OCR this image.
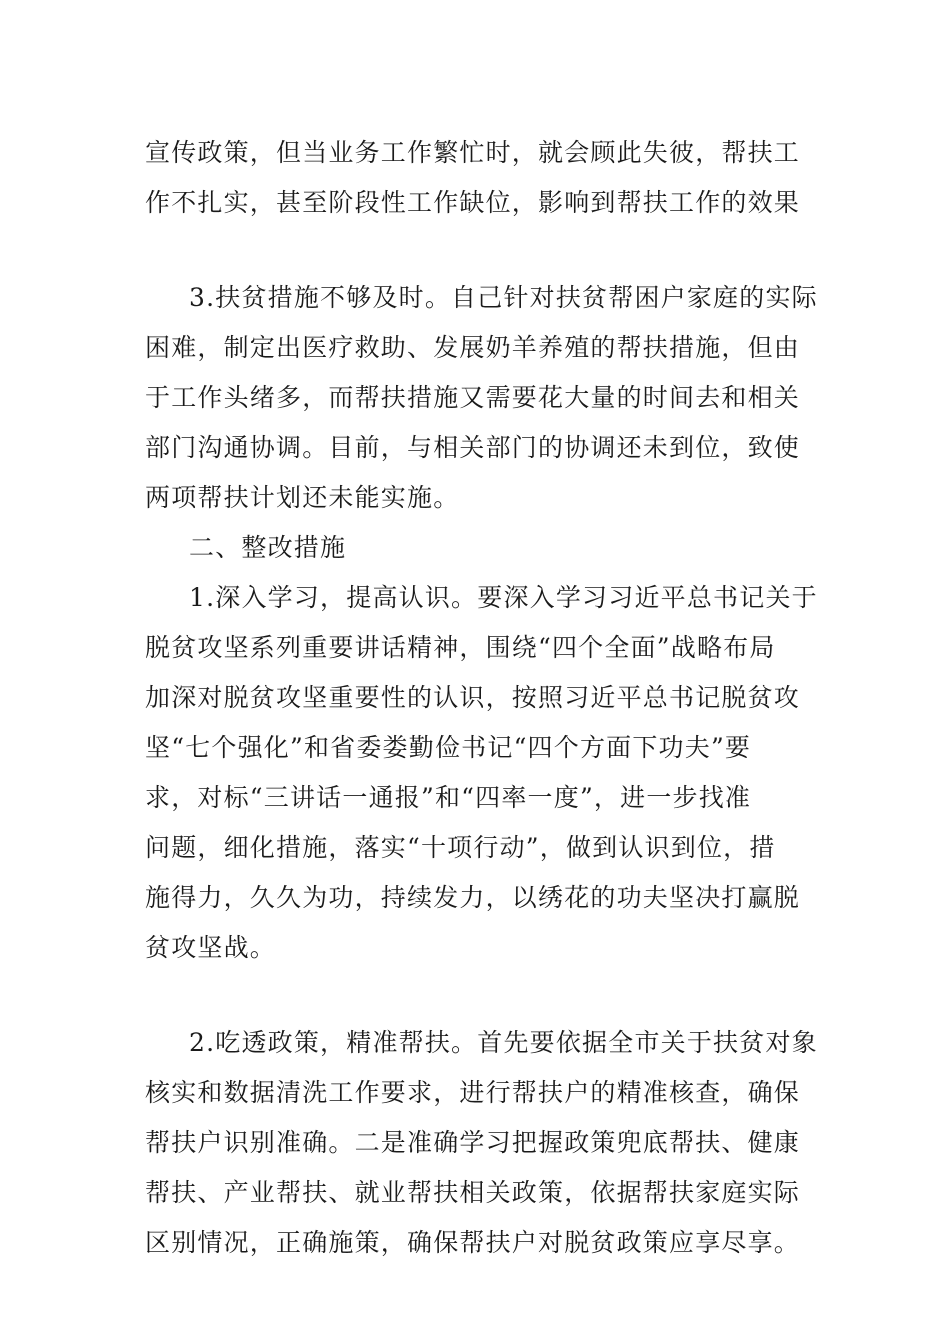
宣传政策，但当业务工作繁忙时，就会顾此失彼，帮扶工
作不扎实，甚至阶段性工作缺位，影响到帮扶工作的效果
3.扶贫措施不够及时。自己针对扶贫帮困户家庭的实际
困难，制定出医疗救助、发展奶羊养殖的帮扶措施，但由
于工作头绪多，而帮扶措施又需要花大量的时间去和相关
部门沟通协调。目前，与相关部门的协调还未到位，致使
两项帮扶计划还未能实施。
二、整改措施
1.深入学习，提高认识。要深入学习习近平总书记关于
脱贫攻坚系列重要讲话精神，围绕“四个全面”战略布局
加深对脱贫攻坚重要性的认识，按照习近平总书记脱贫攻
坚“七个强化”和省委娄勤俭书记“四个方面下功夫”要
求，对标“三讲话一通报”和“四率一度”，进一步找准
问题，细化措施，落实“十项行动”，做到认识到位，措
施得力，久久为功，持续发力，以绣花的功夫坚决打赢脱
贫攻坚战。
2.吃透政策，精准帮扶。首先要依据全市关于扶贫对象
核实和数据清洗工作要求，进行帮扶户的精准核查，确保
帮扶户识别准确。二是准确学习把握政策兜底帮扶、健康
帮扶、产业帮扶、就业帮扶相关政策，依据帮扶家庭实际
区别情况，正确施策，确保帮扶户对脱贫政策应享尽享。
